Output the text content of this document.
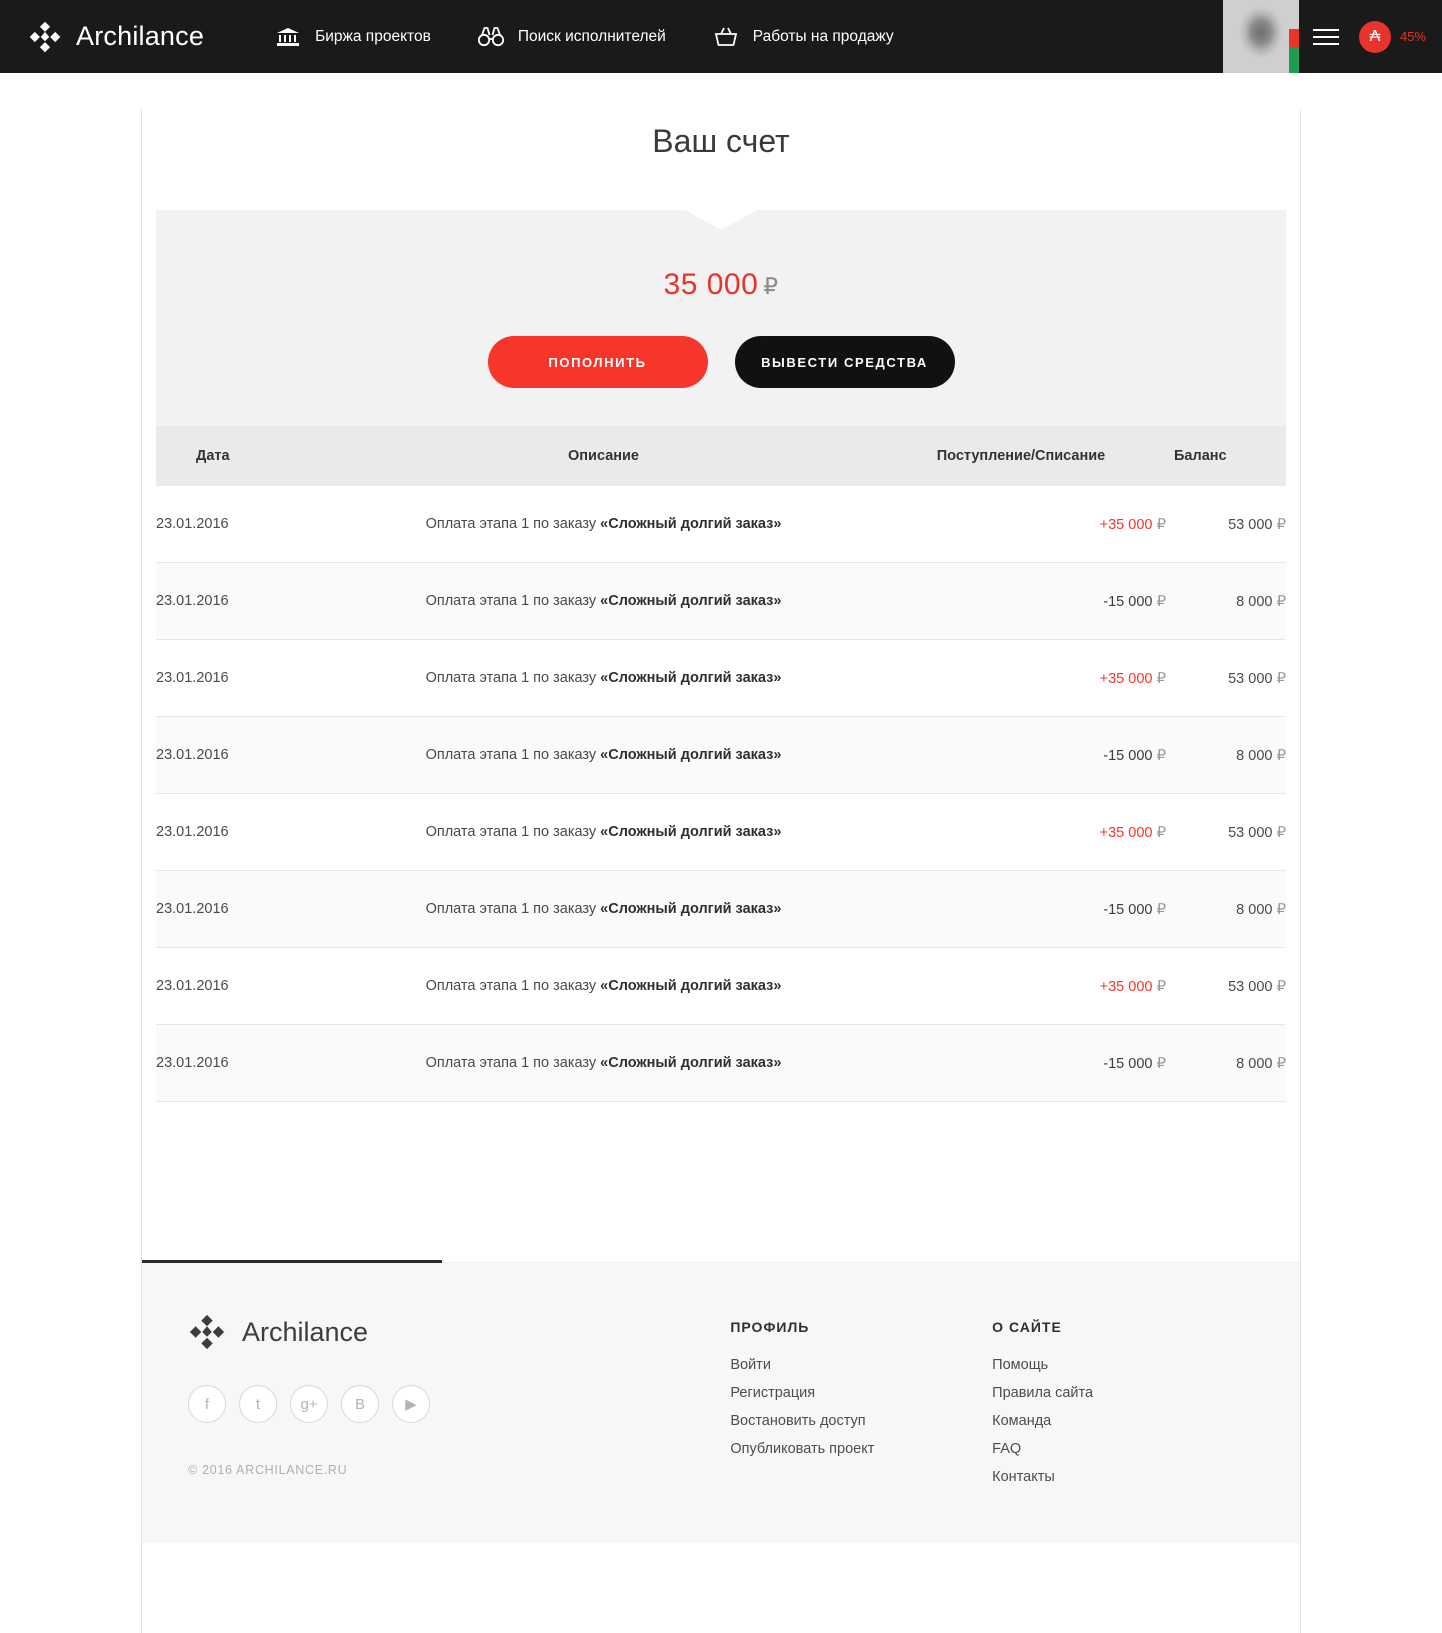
Archilance	Биржа проектов	Поиск исполнителей	Работы на продажу	₳ 45%
Ваш счет
35 000 ₽
ПОПОЛНИТЬ	ВЫВЕСТИ СРЕДСТВА
Дата	Описание	Поступление/Списание	Баланс
23.01.2016	Оплата этапа 1 по заказу «Сложный долгий заказ»	+35 000 ₽	53 000 ₽
23.01.2016	Оплата этапа 1 по заказу «Сложный долгий заказ»	-15 000 ₽	8 000 ₽
23.01.2016	Оплата этапа 1 по заказу «Сложный долгий заказ»	+35 000 ₽	53 000 ₽
23.01.2016	Оплата этапа 1 по заказу «Сложный долгий заказ»	-15 000 ₽	8 000 ₽
23.01.2016	Оплата этапа 1 по заказу «Сложный долгий заказ»	+35 000 ₽	53 000 ₽
23.01.2016	Оплата этапа 1 по заказу «Сложный долгий заказ»	-15 000 ₽	8 000 ₽
23.01.2016	Оплата этапа 1 по заказу «Сложный долгий заказ»	+35 000 ₽	53 000 ₽
23.01.2016	Оплата этапа 1 по заказу «Сложный долгий заказ»	-15 000 ₽	8 000 ₽
Archilance
f	t	g+	B	▶
© 2016 ARCHILANCE.RU
ПРОФИЛЬ
Войти
Регистрация
Востановить доступ
Опубликовать проект
О САЙТЕ
Помощь
Правила сайта
Команда
FAQ
Контакты
